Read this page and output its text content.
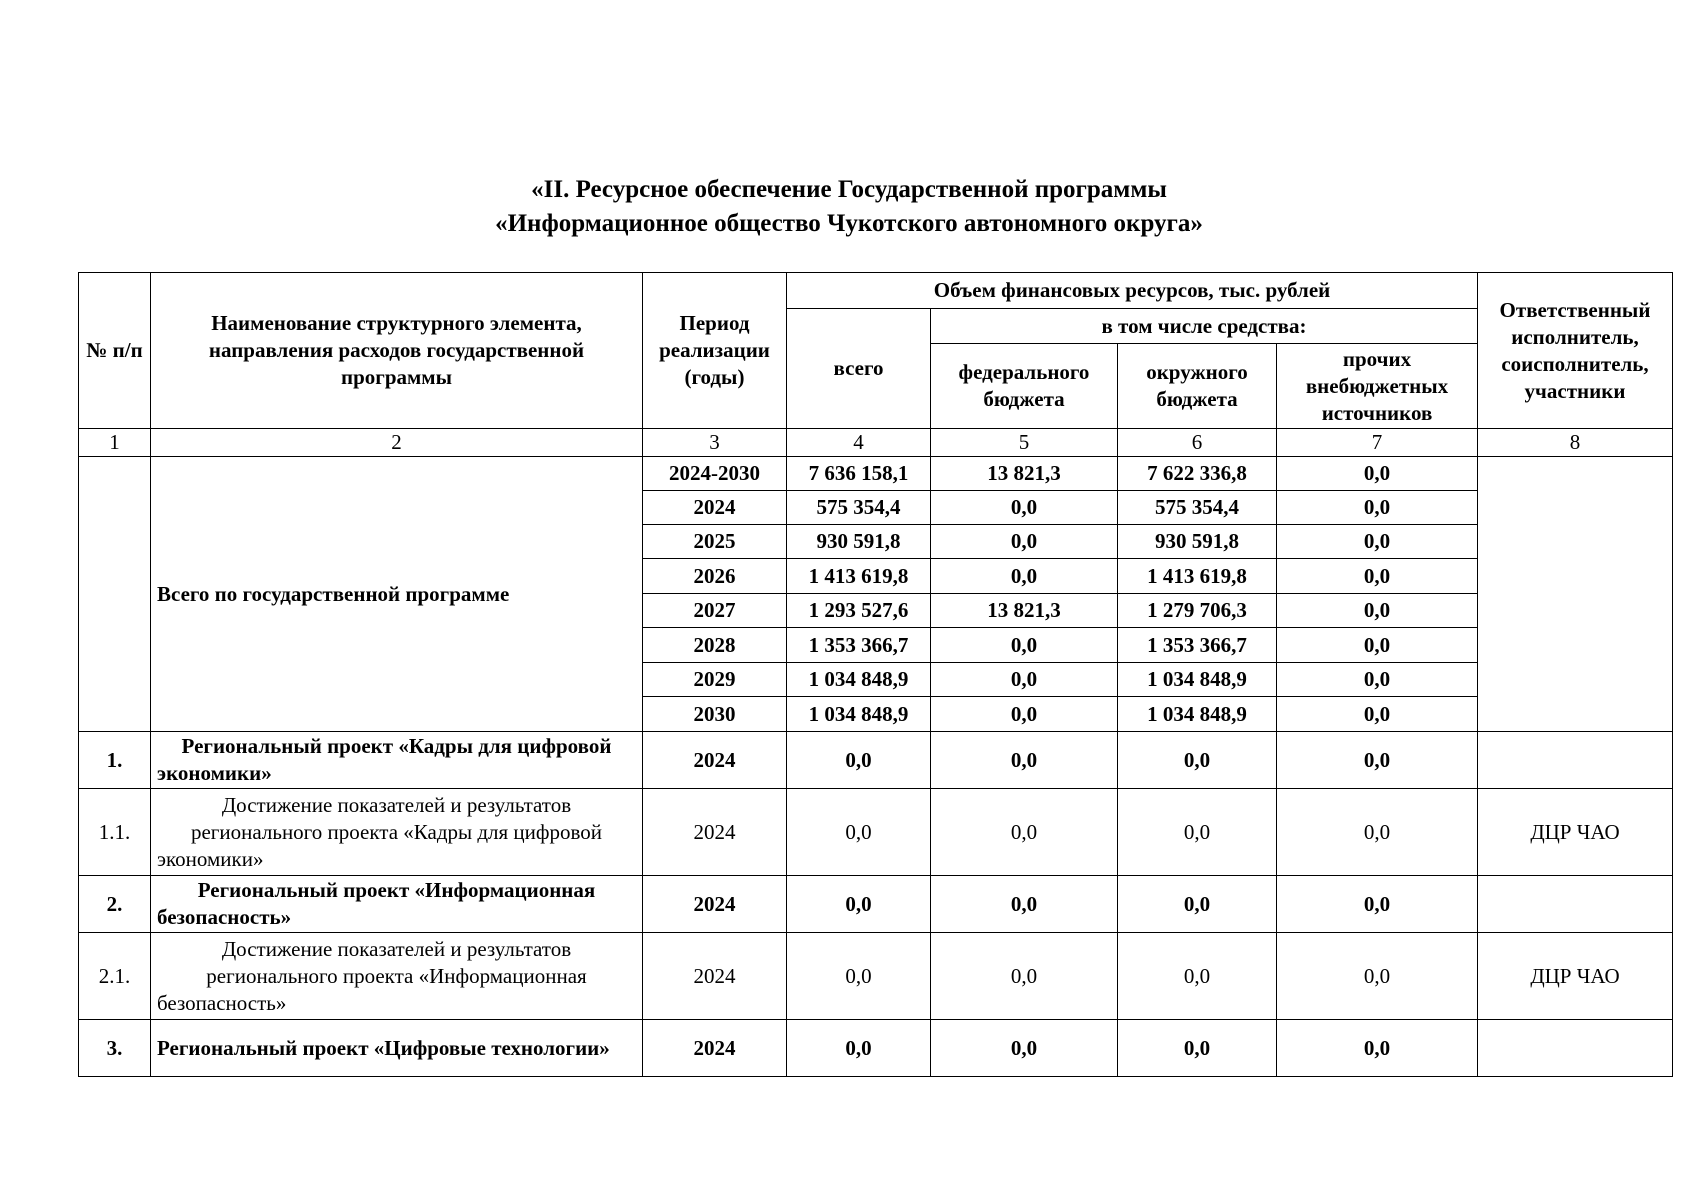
«II. Ресурсное обеспечение Государственной программы
«Информационное общество Чукотского автономного округа»
№ п/п	Наименование структурного элемента, направления расходов государственной программы	Период реализации (годы)	Объем финансовых ресурсов, тыс. рублей				Ответственный исполнитель, соисполнитель, участники
			всего	в том числе средства:			
				федерального бюджета	окружного бюджета	прочих внебюджетных источников	
1	2	3	4	5	6	7	8
	Всего по государственной программе	2024-2030	7 636 158,1	13 821,3	7 622 336,8	0,0	
		2024	575 354,4	0,0	575 354,4	0,0	
		2025	930 591,8	0,0	930 591,8	0,0	
		2026	1 413 619,8	0,0	1 413 619,8	0,0	
		2027	1 293 527,6	13 821,3	1 279 706,3	0,0	
		2028	1 353 366,7	0,0	1 353 366,7	0,0	
		2029	1 034 848,9	0,0	1 034 848,9	0,0	
		2030	1 034 848,9	0,0	1 034 848,9	0,0	
1.	Региональный проект «Кадры для цифровой экономики»	2024	0,0	0,0	0,0	0,0	
1.1.	Достижение показателей и результатов регионального проекта «Кадры для цифровой экономики»	2024	0,0	0,0	0,0	0,0	ДЦР ЧАО
2.	Региональный проект «Информационная безопасность»	2024	0,0	0,0	0,0	0,0	
2.1.	Достижение показателей и результатов регионального проекта «Информационная безопасность»	2024	0,0	0,0	0,0	0,0	ДЦР ЧАО
3.	Региональный проект «Цифровые технологии»	2024	0,0	0,0	0,0	0,0	
